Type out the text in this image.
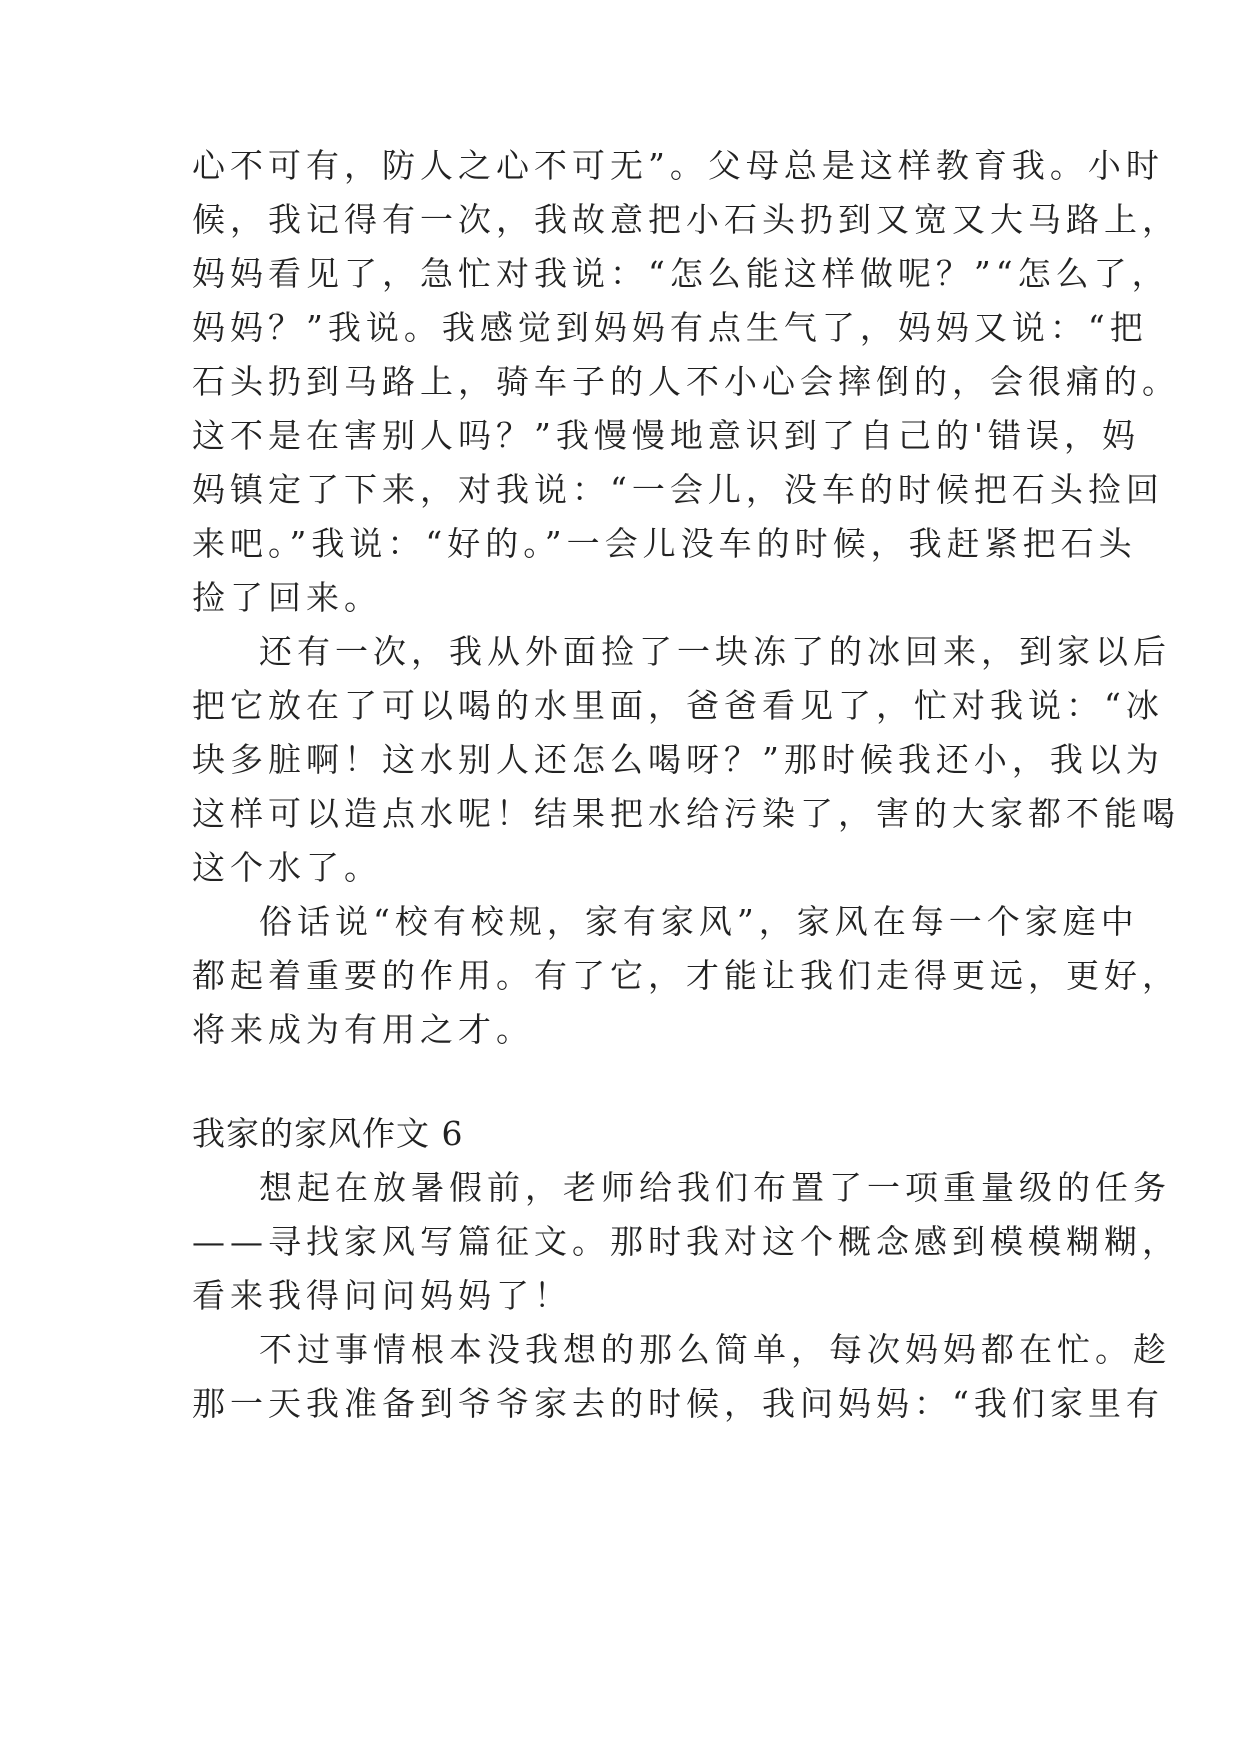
心不可有，防人之心不可无”。父母总是这样教育我。小时
候，我记得有一次，我故意把小石头扔到又宽又大马路上，
妈妈看见了，急忙对我说：“怎么能这样做呢？”“怎么了，
妈妈？”我说。我感觉到妈妈有点生气了，妈妈又说：“把
石头扔到马路上，骑车子的人不小心会摔倒的，会很痛的。
这不是在害别人吗？”我慢慢地意识到了自己的'错误，妈
妈镇定了下来，对我说：“一会儿，没车的时候把石头捡回
来吧。”我说：“好的。”一会儿没车的时候，我赶紧把石头
捡了回来。
还有一次，我从外面捡了一块冻了的冰回来，到家以后
把它放在了可以喝的水里面，爸爸看见了，忙对我说：“冰
块多脏啊！这水别人还怎么喝呀？”那时候我还小，我以为
这样可以造点水呢！结果把水给污染了，害的大家都不能喝
这个水了。
俗话说“校有校规，家有家风”，家风在每一个家庭中
都起着重要的作用。有了它，才能让我们走得更远，更好，
将来成为有用之才。
我家的家风作文 6
想起在放暑假前，老师给我们布置了一项重量级的任务
——寻找家风写篇征文。那时我对这个概念感到模模糊糊，
看来我得问问妈妈了！
不过事情根本没我想的那么简单，每次妈妈都在忙。趁
那一天我准备到爷爷家去的时候，我问妈妈：“我们家里有
